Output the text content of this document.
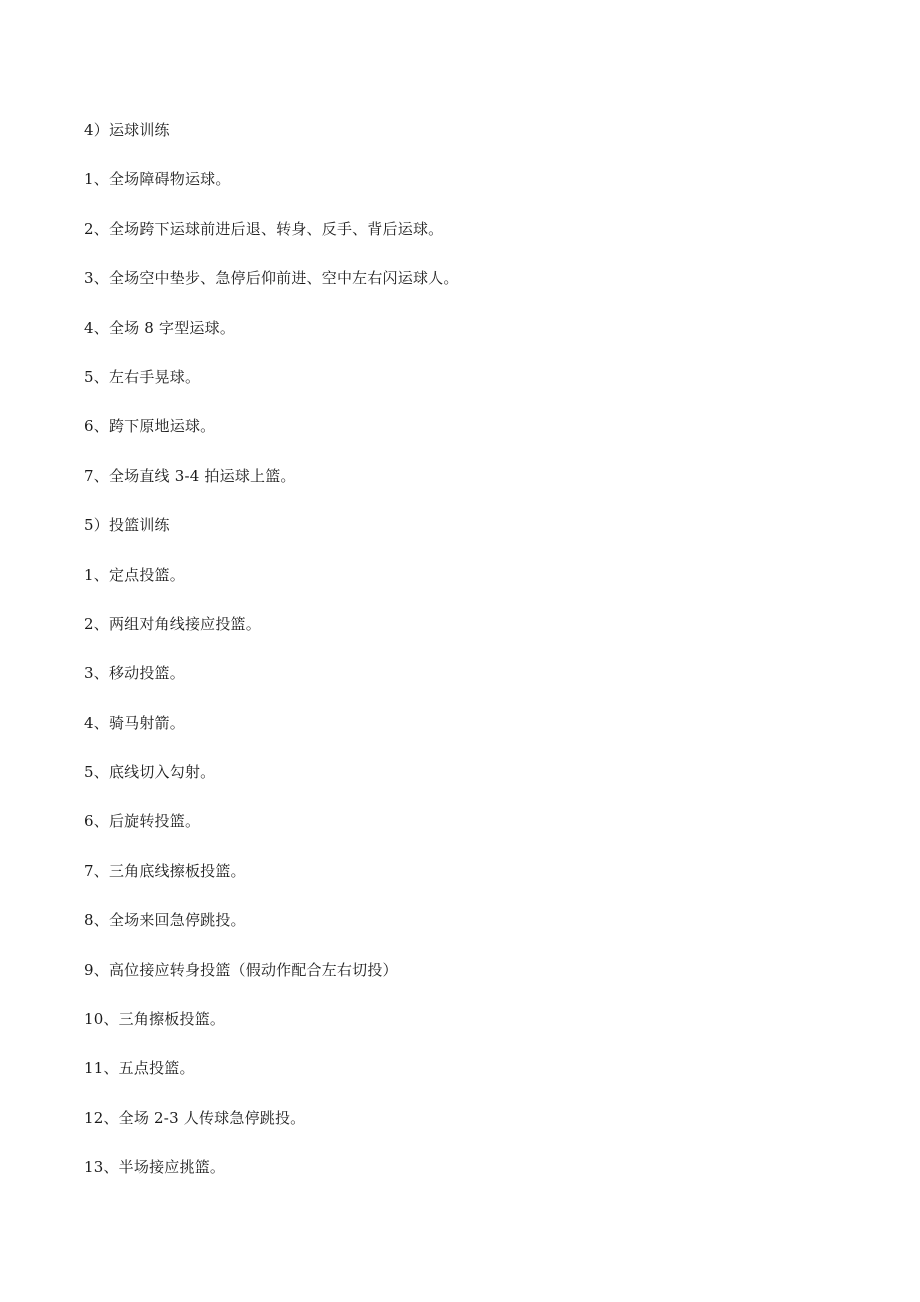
4）运球训练
1、全场障碍物运球。
2、全场跨下运球前进后退、转身、反手、背后运球。
3、全场空中垫步、急停后仰前进、空中左右闪运球人。
4、全场 8 字型运球。
5、左右手晃球。
6、跨下原地运球。
7、全场直线 3-4 拍运球上篮。
5）投篮训练
1、定点投篮。
2、两组对角线接应投篮。
3、移动投篮。
4、骑马射箭。
5、底线切入勾射。
6、后旋转投篮。
7、三角底线擦板投篮。
8、全场来回急停跳投。
9、高位接应转身投篮（假动作配合左右切投）
10、三角擦板投篮。
11、五点投篮。
12、全场 2-3 人传球急停跳投。
13、半场接应挑篮。
